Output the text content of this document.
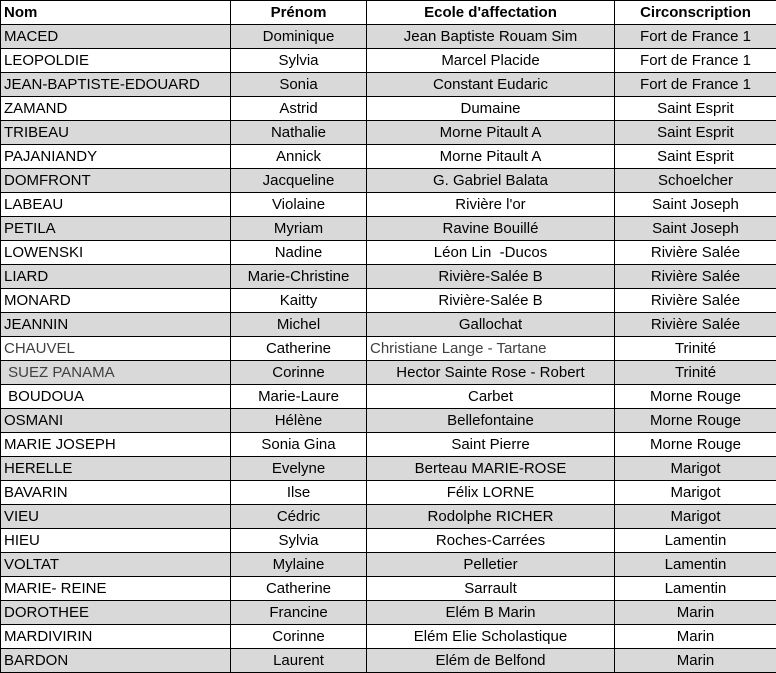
Nom	Prénom	Ecole d'affectation	Circonscription
MACED	Dominique	Jean Baptiste Rouam Sim	Fort de France 1
LEOPOLDIE	Sylvia	Marcel Placide	Fort de France 1
JEAN-BAPTISTE-EDOUARD	Sonia	Constant Eudaric	Fort de France 1
ZAMAND	Astrid	Dumaine	Saint Esprit
TRIBEAU	Nathalie	Morne Pitault A	Saint Esprit
PAJANIANDY	Annick	Morne Pitault A	Saint Esprit
DOMFRONT	Jacqueline	G. Gabriel Balata	Schoelcher
LABEAU	Violaine	Rivière l'or	Saint Joseph
PETILA	Myriam	Ravine Bouillé	Saint Joseph
LOWENSKI	Nadine	Léon Lin  -Ducos	Rivière Salée
LIARD	Marie-Christine	Rivière-Salée B	Rivière Salée
MONARD	Kaitty	Rivière-Salée B	Rivière Salée
JEANNIN	Michel	Gallochat	Rivière Salée
CHAUVEL	Catherine	Christiane Lange - Tartane	Trinité
SUEZ PANAMA	Corinne	Hector Sainte Rose - Robert	Trinité
BOUDOUA	Marie-Laure	Carbet	Morne Rouge
OSMANI	Hélène	Bellefontaine	Morne Rouge
MARIE JOSEPH	Sonia Gina	Saint Pierre	Morne Rouge
HERELLE	Evelyne	Berteau MARIE-ROSE	Marigot
BAVARIN	Ilse	Félix LORNE	Marigot
VIEU	Cédric	Rodolphe RICHER	Marigot
HIEU	Sylvia	Roches-Carrées	Lamentin
VOLTAT	Mylaine	Pelletier	Lamentin
MARIE- REINE	Catherine	Sarrault	Lamentin
DOROTHEE	Francine	Elém B Marin	Marin
MARDIVIRIN	Corinne	Elém Elie Scholastique	Marin
BARDON	Laurent	Elém de Belfond	Marin
